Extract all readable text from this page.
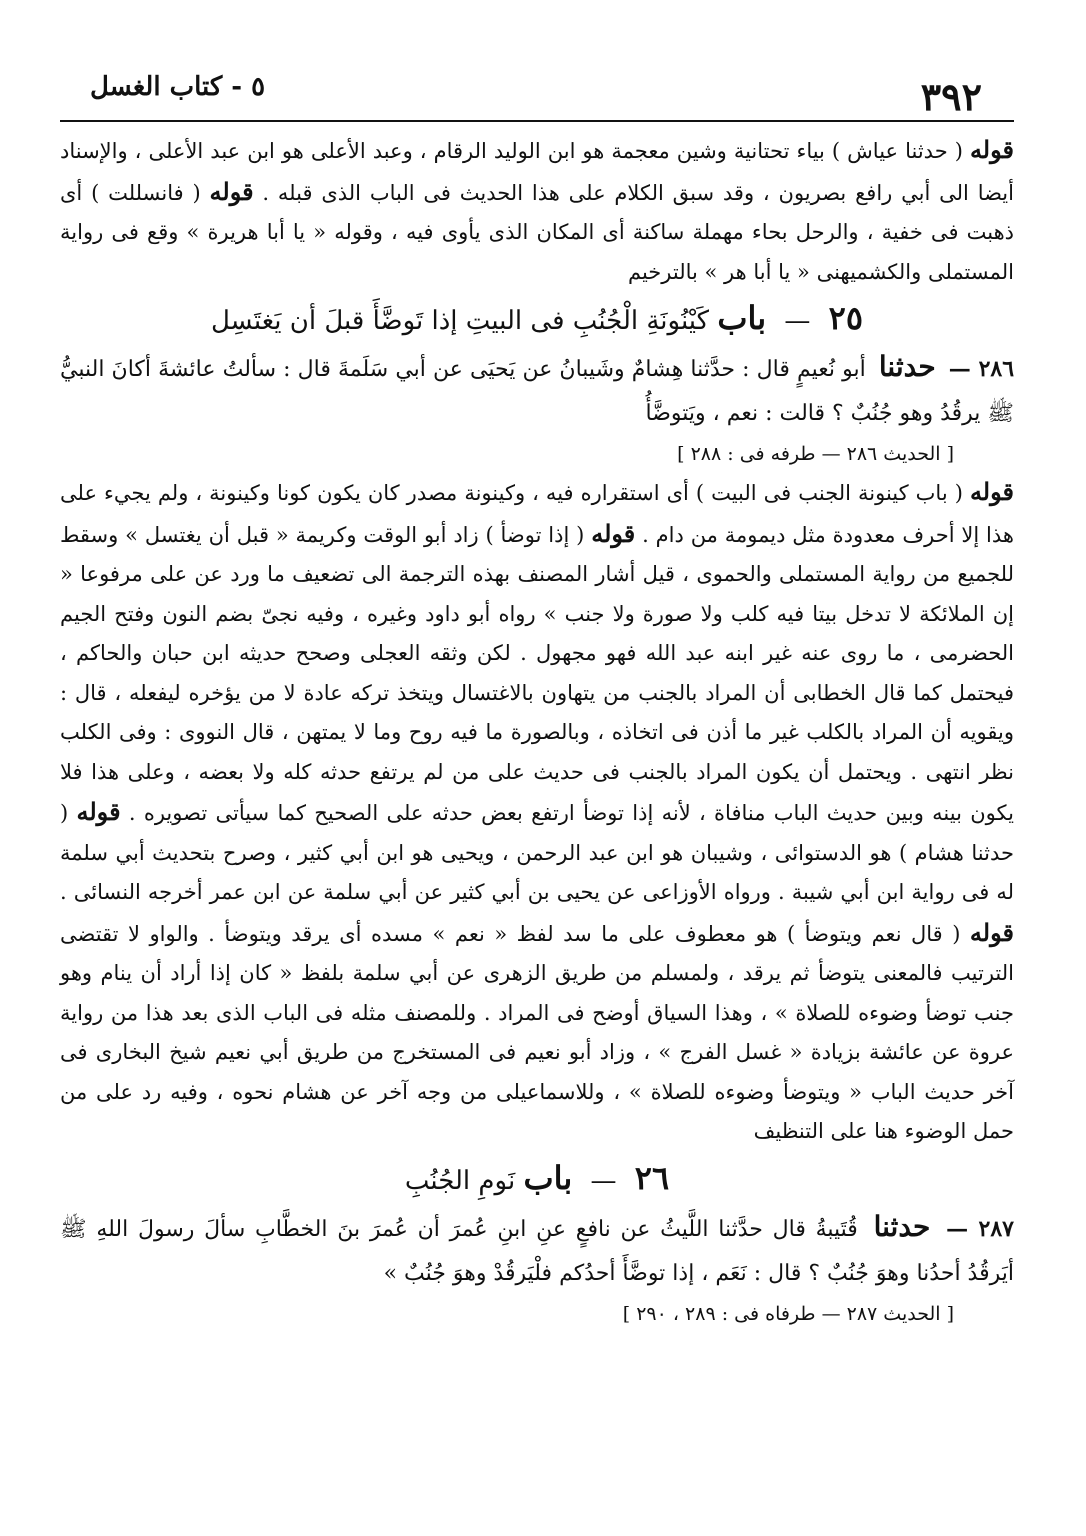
٣٩٢
٥ - كتاب الغسل

قوله ( حدثنا عياش ) بياء تحتانية وشين معجمة هو ابن الوليد الرقام ، وعبد الأعلى هو ابن عبد الأعلى ، والإسناد أيضا الى أبي رافع بصريون ، وقد سبق الكلام على هذا الحديث فى الباب الذى قبله . قوله ( فانسللت ) أى ذهبت فى خفية ، والرحل بحاء مهملة ساكنة أى المكان الذى يأوى فيه ، وقوله « يا أبا هريرة » وقع فى رواية المستملى والكشميهنى « يا أبا هر » بالترخيم

٢٥ — باب كَيْنُونَةِ الْجُنُبِ فى البيتِ إذا تَوضَّأَ قبلَ أن يَغتَسِل

٢٨٦ — حدثنا أبو نُعيمٍ قال : حدَّثنا هِشامٌ وشَيبانُ عن يَحيَى عن أبي سَلَمةَ قال : سألتُ عائشةَ أكانَ النبيُّ ﷺ يرقُدُ وهو جُنُبٌ ؟ قالت : نعم ، ويَتوضَّأُ

[ الحديث ٢٨٦ — طرفه فى : ٢٨٨ ]

قوله ( باب كينونة الجنب فى البيت ) أى استقراره فيه ، وكينونة مصدر كان يكون كونا وكينونة ، ولم يجيء على هذا إلا أحرف معدودة مثل ديمومة من دام . قوله ( إذا توضأ ) زاد أبو الوقت وكريمة « قبل أن يغتسل » وسقط للجميع من رواية المستملى والحموى ، قيل أشار المصنف بهذه الترجمة الى تضعيف ما ورد عن على مرفوعا « إن الملائكة لا تدخل بيتا فيه كلب ولا صورة ولا جنب » رواه أبو داود وغيره ، وفيه نجىّ بضم النون وفتح الجيم الحضرمى ، ما روى عنه غير ابنه عبد الله فهو مجهول . لكن وثقه العجلى وصحح حديثه ابن حبان والحاكم ، فيحتمل كما قال الخطابى أن المراد بالجنب من يتهاون بالاغتسال ويتخذ تركه عادة لا من يؤخره ليفعله ، قال : ويقويه أن المراد بالكلب غير ما أذن فى اتخاذه ، وبالصورة ما فيه روح وما لا يمتهن ، قال النووى : وفى الكلب نظر انتهى . ويحتمل أن يكون المراد بالجنب فى حديث على من لم يرتفع حدثه كله ولا بعضه ، وعلى هذا فلا يكون بينه وبين حديث الباب منافاة ، لأنه إذا توضأ ارتفع بعض حدثه على الصحيح كما سيأتى تصويره . قوله ( حدثنا هشام ) هو الدستوائى ، وشيبان هو ابن عبد الرحمن ، ويحيى هو ابن أبي كثير ، وصرح بتحديث أبي سلمة له فى رواية ابن أبي شيبة . ورواه الأوزاعى عن يحيى بن أبي كثير عن أبي سلمة عن ابن عمر أخرجه النسائى . قوله ( قال نعم ويتوضأ ) هو معطوف على ما سد لفظ « نعم » مسده أى يرقد ويتوضأ . والواو لا تقتضى الترتيب فالمعنى يتوضأ ثم يرقد ، ولمسلم من طريق الزهرى عن أبي سلمة بلفظ « كان إذا أراد أن ينام وهو جنب توضأ وضوءه للصلاة » ، وهذا السياق أوضح فى المراد . وللمصنف مثله فى الباب الذى بعد هذا من رواية عروة عن عائشة بزيادة « غسل الفرج » ، وزاد أبو نعيم فى المستخرج من طريق أبي نعيم شيخ البخارى فى آخر حديث الباب « ويتوضأ وضوءه للصلاة » ، وللاسماعيلى من وجه آخر عن هشام نحوه ، وفيه رد على من حمل الوضوء هنا على التنظيف

٢٦ — باب نَومِ الجُنُبِ

٢٨٧ — حدثنا قُتَيبةُ قال حدَّثنا اللَّيثُ عن نافعٍ عنِ ابنِ عُمرَ أن عُمرَ بنَ الخطَّابِ سألَ رسولَ اللهِ ﷺ أيَرقُدُ أحدُنا وهوَ جُنُبٌ ؟ قال : نَعَم ، إذا توضَّأَ أحدُكم فلْيَرقُدْ وهوَ جُنُبٌ »

[ الحديث ٢٨٧ — طرفاه فى : ٢٨٩ ، ٢٩٠ ]
